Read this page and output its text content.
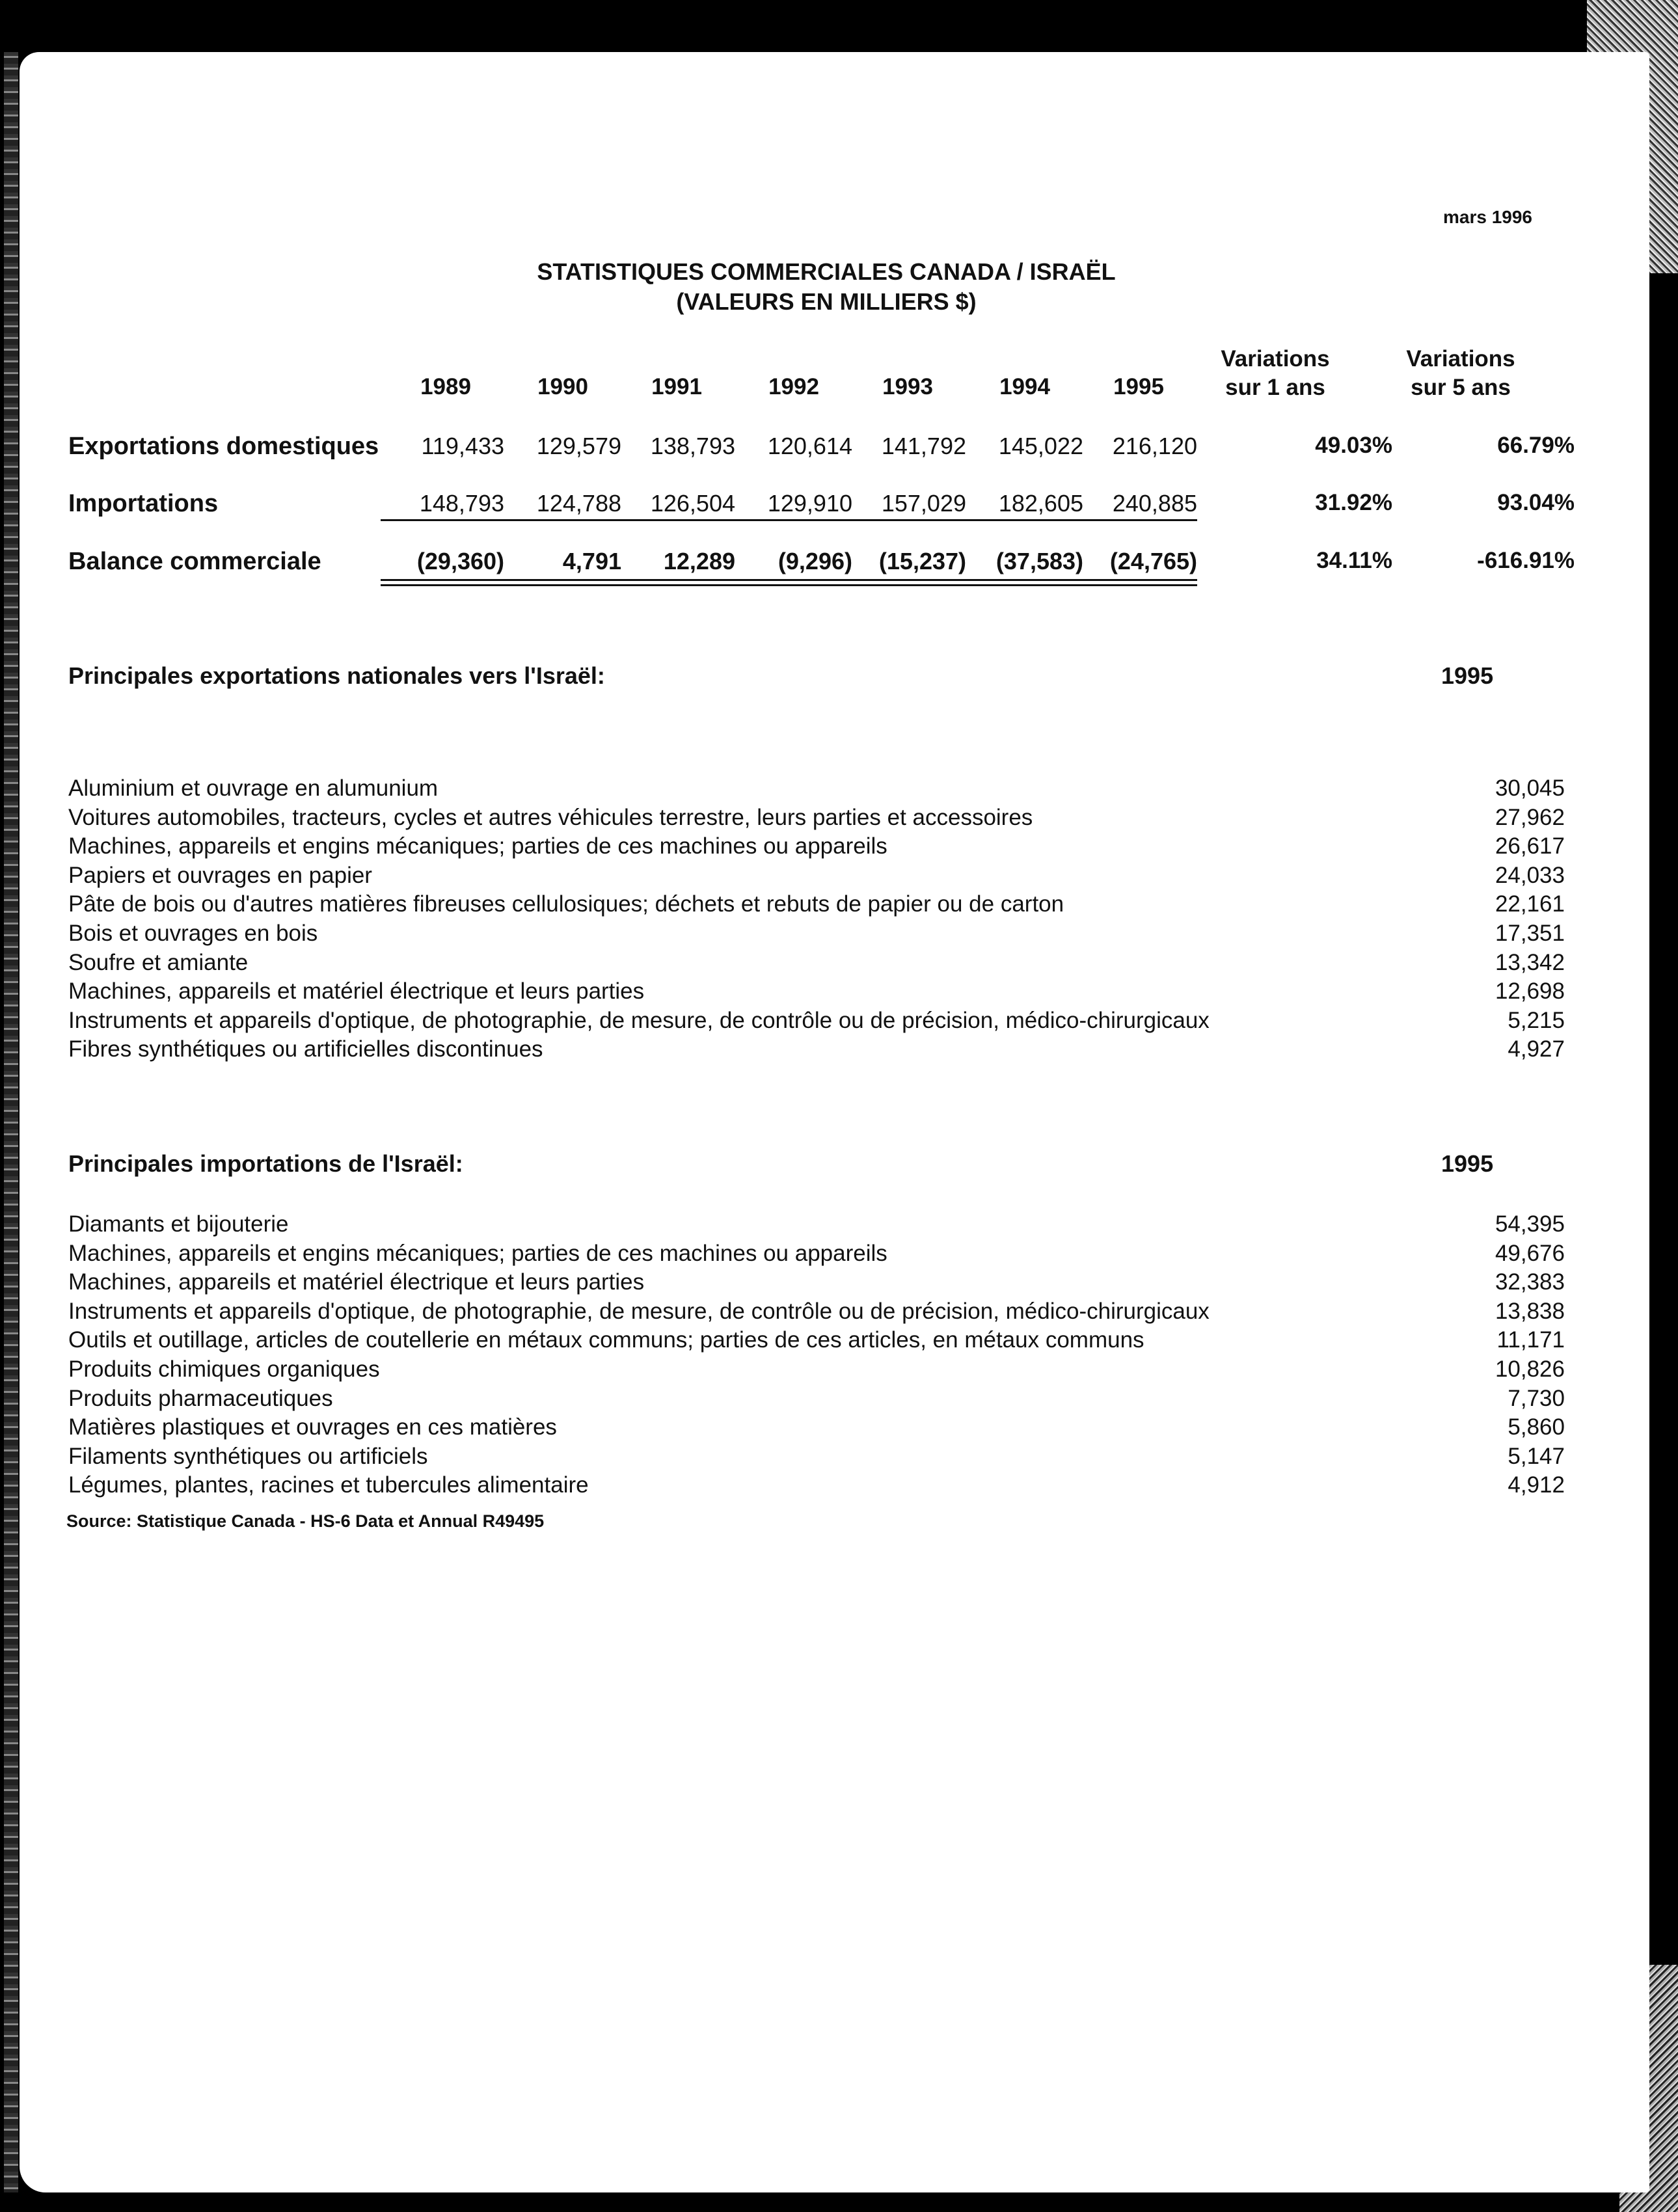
mars 1996
STATISTIQUES COMMERCIALES CANADA / ISRAËL
(VALEURS EN MILLIERS $)
1989	1990	1991	1992	1993	1994	1995
Variations
sur 1 ans
Variations
sur 5 ans
Exportations domestiques	119,433	129,579	138,793	120,614	141,792	145,022	216,120	49.03%	66.79%
Importations	148,793	124,788	126,504	129,910	157,029	182,605	240,885	31.92%	93.04%
Balance commerciale	(29,360)	4,791	12,289	(9,296)	(15,237)	(37,583)	(24,765)	34.11%	-616.91%
Principales exportations nationales vers l'Israël:	1995
Aluminium et ouvrage en alumunium	30,045
Voitures automobiles, tracteurs, cycles et autres véhicules terrestre, leurs parties et accessoires	27,962
Machines, appareils et engins mécaniques; parties de ces machines ou appareils	26,617
Papiers et ouvrages en papier	24,033
Pâte de bois ou d'autres matières fibreuses cellulosiques; déchets et rebuts de papier ou de carton	22,161
Bois et ouvrages en bois	17,351
Soufre et amiante	13,342
Machines, appareils et matériel électrique et leurs parties	12,698
Instruments et appareils d'optique, de photographie, de mesure, de contrôle ou de précision, médico-chirurgicaux	5,215
Fibres synthétiques ou artificielles discontinues	4,927
Principales importations de l'Israël:	1995
Diamants et bijouterie	54,395
Machines, appareils et engins mécaniques; parties de ces machines ou appareils	49,676
Machines, appareils et matériel électrique et leurs parties	32,383
Instruments et appareils d'optique, de photographie, de mesure, de contrôle ou de précision, médico-chirurgicaux	13,838
Outils et outillage, articles de coutellerie en métaux communs; parties de ces articles, en métaux communs	11,171
Produits chimiques organiques	10,826
Produits pharmaceutiques	7,730
Matières plastiques et ouvrages en ces matières	5,860
Filaments synthétiques ou artificiels	5,147
Légumes, plantes, racines et tubercules alimentaire	4,912
Source: Statistique Canada - HS-6 Data et Annual R49495
